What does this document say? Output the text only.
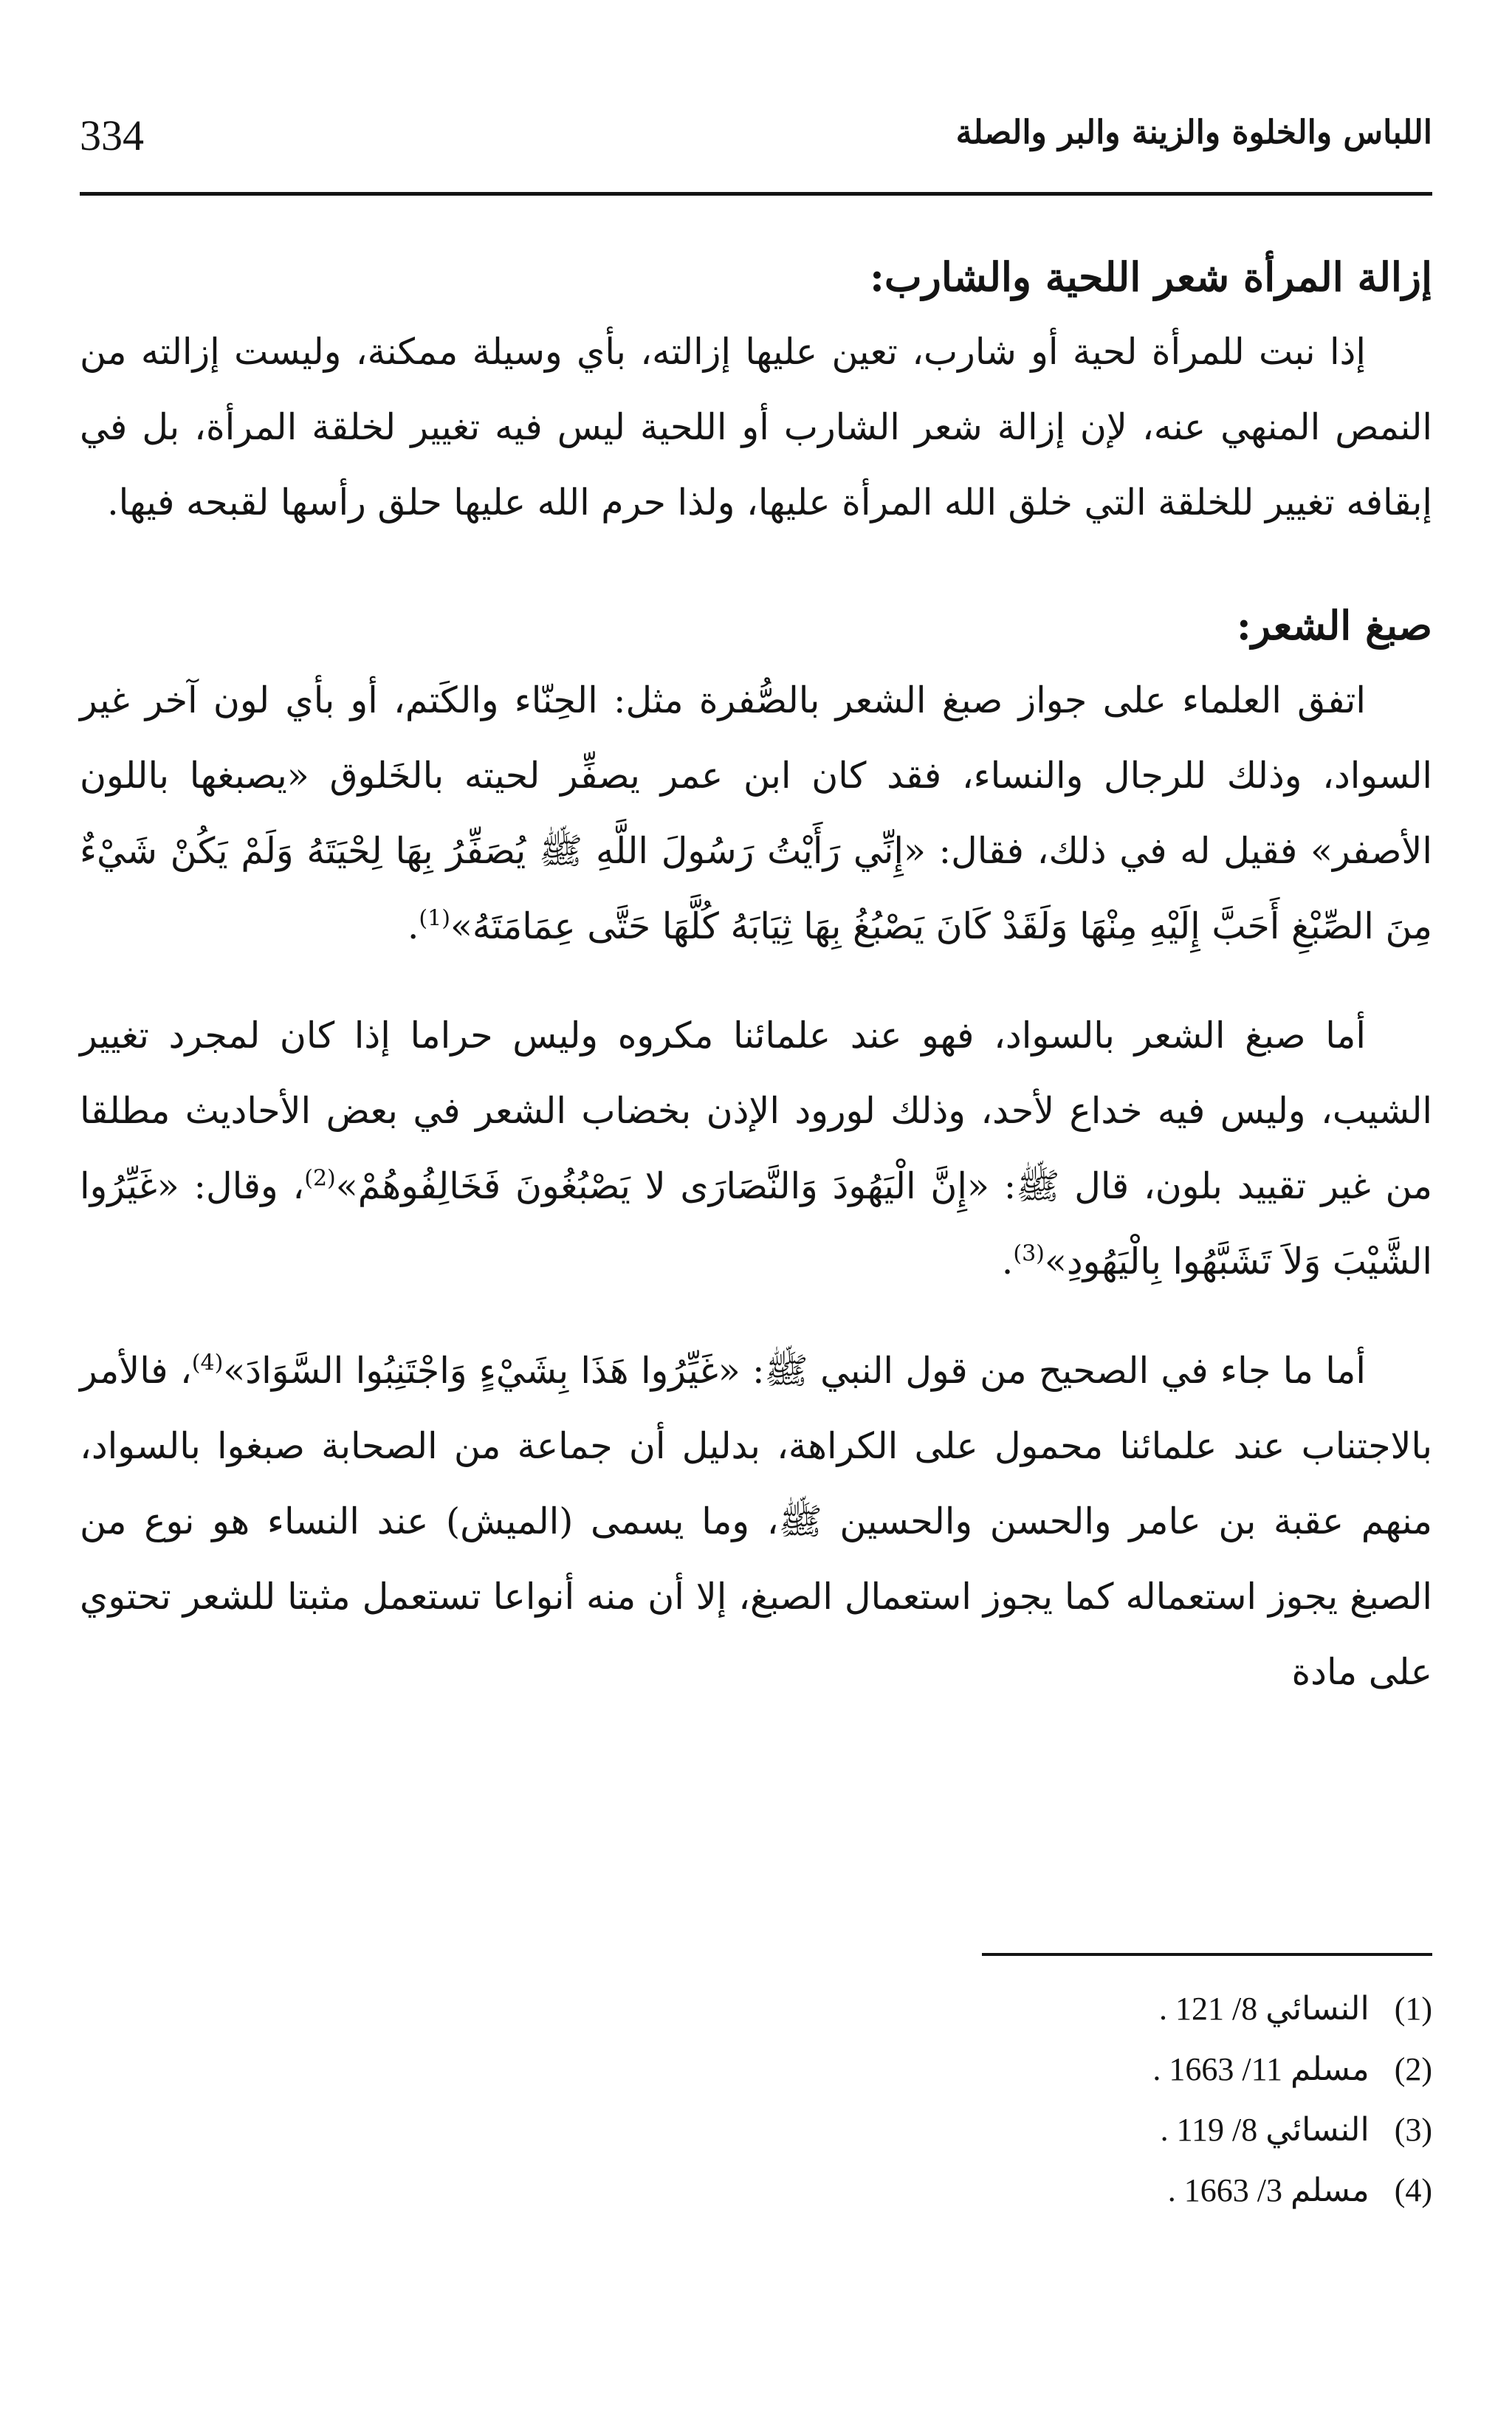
334	اللباس والخلوة والزينة والبر والصلة
إزالة المرأة شعر اللحية والشارب:

إذا نبت للمرأة لحية أو شارب، تعين عليها إزالته، بأي وسيلة ممكنة، وليست إزالته من النمص المنهي عنه، لإن إزالة شعر الشارب أو اللحية ليس فيه تغيير لخلقة المرأة، بل في إبقافه تغيير للخلقة التي خلق الله المرأة عليها، ولذا حرم الله عليها حلق رأسها لقبحه فيها.

صبغ الشعر:

اتفق العلماء على جواز صبغ الشعر بالصُّفرة مثل: الحِنّاء والكَتم، أو بأي لون آخر غير السواد، وذلك للرجال والنساء، فقد كان ابن عمر يصفِّر لحيته بالخَلوق «يصبغها باللون الأصفر» فقيل له في ذلك، فقال: «إِنِّي رَأَيْتُ رَسُولَ اللَّهِ ﷺ يُصَفِّرُ بِهَا لِحْيَتَهُ وَلَمْ يَكُنْ شَيْءٌ مِنَ الصِّبْغِ أَحَبَّ إِلَيْهِ مِنْهَا وَلَقَدْ كَانَ يَصْبُغُ بِهَا ثِيَابَهُ كُلَّهَا حَتَّى عِمَامَتَهُ»$^{(1)}$.

أما صبغ الشعر بالسواد، فهو عند علمائنا مكروه وليس حراما إذا كان لمجرد تغيير الشيب، وليس فيه خداع لأحد، وذلك لورود الإذن بخضاب الشعر في بعض الأحاديث مطلقا من غير تقييد بلون، قال ﷺ: «إِنَّ الْيَهُودَ وَالنَّصَارَى لا يَصْبُغُونَ فَخَالِفُوهُمْ»$^{(2)}$، وقال: «غَيِّرُوا الشَّيْبَ وَلاَ تَشَبَّهُوا بِالْيَهُودِ»$^{(3)}$.

أما ما جاء في الصحيح من قول النبي ﷺ: «غَيِّرُوا هَذَا بِشَيْءٍ وَاجْتَنِبُوا السَّوَادَ»$^{(4)}$، فالأمر بالاجتناب عند علمائنا محمول على الكراهة، بدليل أن جماعة من الصحابة صبغوا بالسواد، منهم عقبة بن عامر والحسن والحسين ﷺ، وما يسمى (الميش) عند النساء هو نوع من الصبغ يجوز استعماله كما يجوز استعمال الصبغ، إلا أن منه أنواعا تستعمل مثبتا للشعر تحتوي على مادة

(1)النسائي 8/ 121 .
(2)مسلم 11/ 1663 .
(3)النسائي 8/ 119 .
(4)مسلم 3/ 1663 .
